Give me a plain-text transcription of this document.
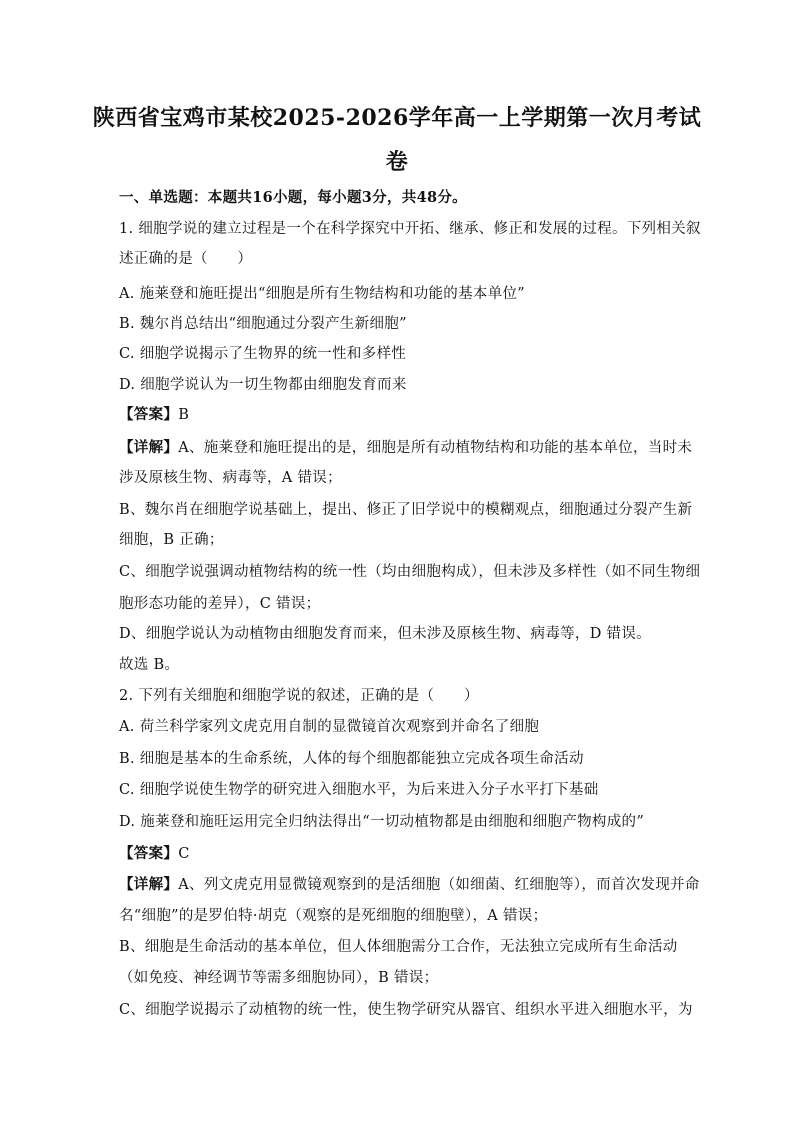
陕西省宝鸡市某校2025-2026学年高一上学期第一次月考试
卷
一、单选题：本题共16小题，每小题3分，共48分。
1. 细胞学说的建立过程是一个在科学探究中开拓、继承、修正和发展的过程。下列相关叙
述正确的是（　　）
A. 施莱登和施旺提出“细胞是所有生物结构和功能的基本单位”
B. 魏尔肖总结出“细胞通过分裂产生新细胞”
C. 细胞学说揭示了生物界的统一性和多样性
D. 细胞学说认为一切生物都由细胞发育而来
【答案】B
【详解】A、施莱登和施旺提出的是，细胞是所有动植物结构和功能的基本单位，当时未
涉及原核生物、病毒等，A 错误；
B、魏尔肖在细胞学说基础上，提出、修正了旧学说中的模糊观点，细胞通过分裂产生新
细胞，B 正确；
C、细胞学说强调动植物结构的统一性（均由细胞构成），但未涉及多样性（如不同生物细
胞形态功能的差异），C 错误；
D、细胞学说认为动植物由细胞发育而来，但未涉及原核生物、病毒等，D 错误。
故选 B。
2. 下列有关细胞和细胞学说的叙述，正确的是（　　）
A. 荷兰科学家列文虎克用自制的显微镜首次观察到并命名了细胞
B. 细胞是基本的生命系统，人体的每个细胞都能独立完成各项生命活动
C. 细胞学说使生物学的研究进入细胞水平，为后来进入分子水平打下基础
D. 施莱登和施旺运用完全归纳法得出“一切动植物都是由细胞和细胞产物构成的”
【答案】C
【详解】A、列文虎克用显微镜观察到的是活细胞（如细菌、红细胞等），而首次发现并命
名“细胞”的是罗伯特·胡克（观察的是死细胞的细胞壁），A 错误；
B、细胞是生命活动的基本单位，但人体细胞需分工合作，无法独立完成所有生命活动
（如免疫、神经调节等需多细胞协同），B 错误；
C、细胞学说揭示了动植物的统一性，使生物学研究从器官、组织水平进入细胞水平，为
